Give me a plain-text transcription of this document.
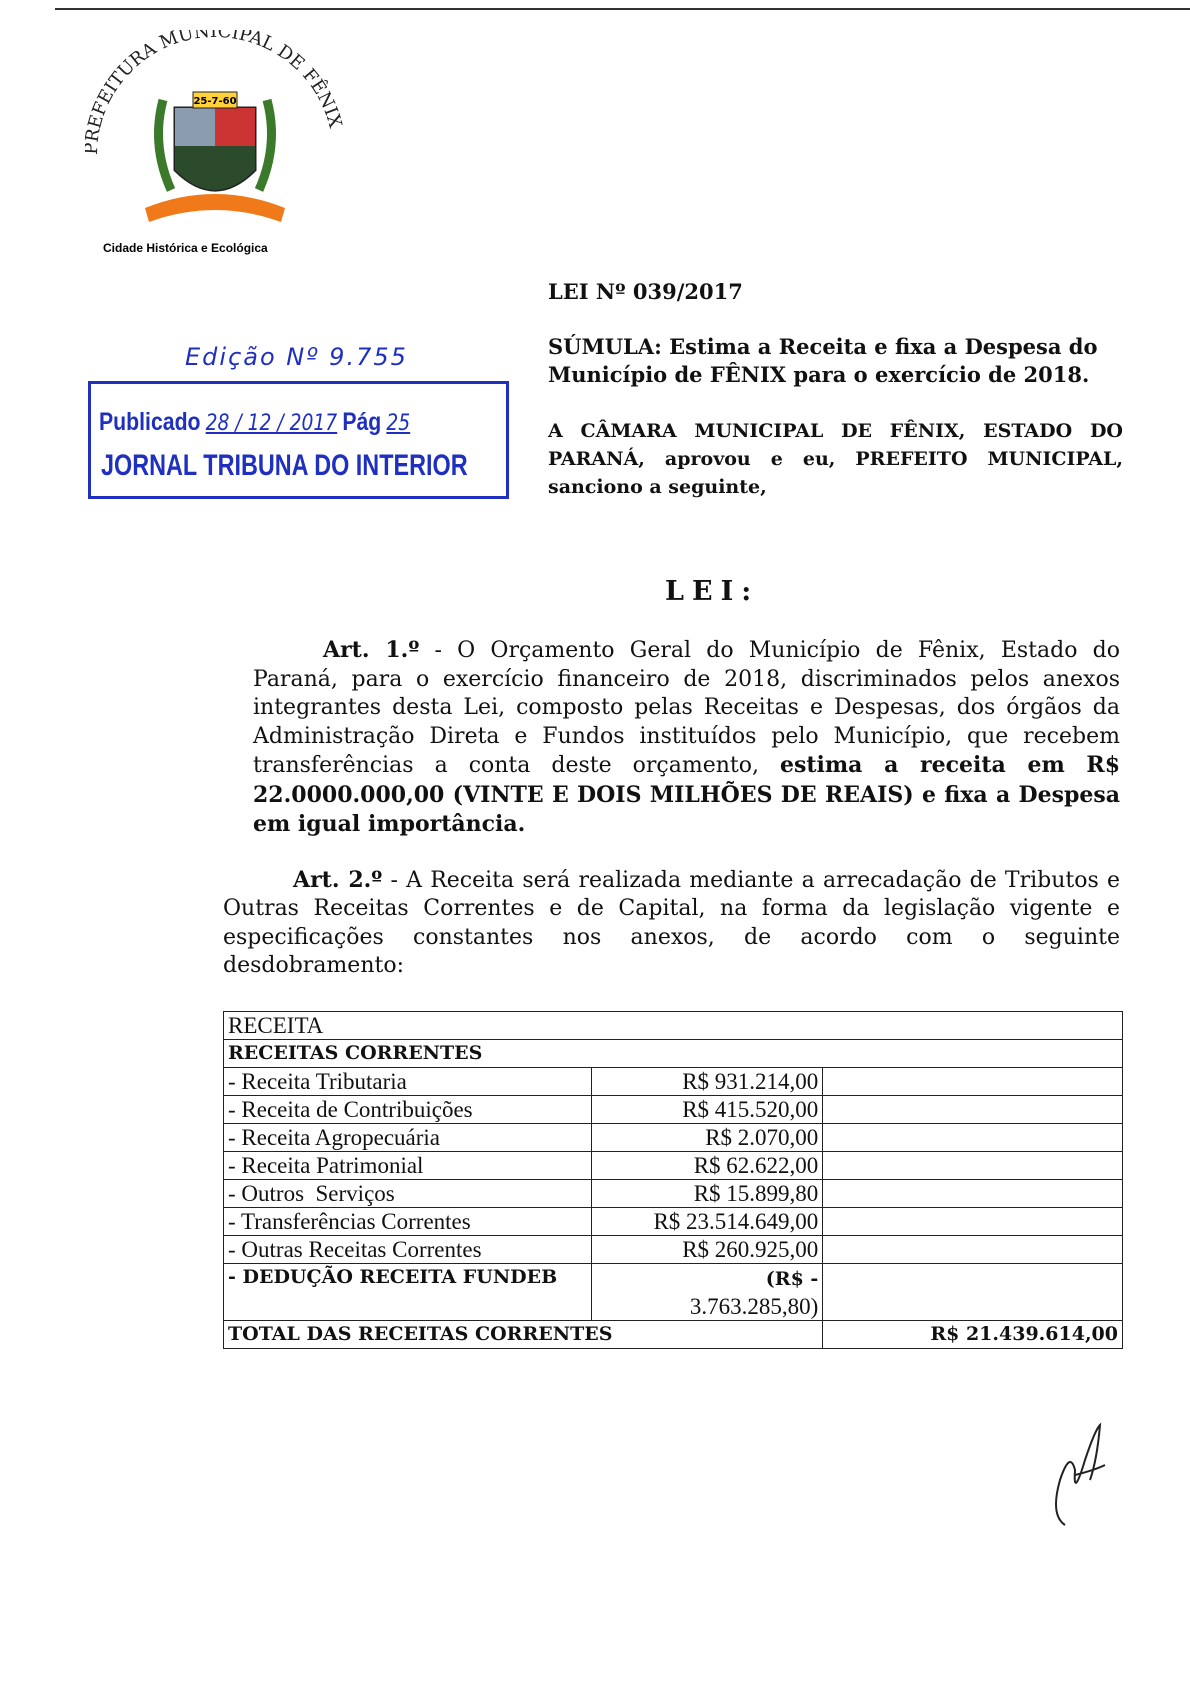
25-7-60
Cidade Histórica e Ecológica
EFEITURA MUNICIPAL DE FÊNIX
Edição Nº 9.755
Publicado 28 / 12 / 2017 Pág 25
JORNAL TRIBUNA DO INTERIOR
LEI Nº 039/2017
SÚMULA: Estima a Receita e fixa a Despesa do Município de FÊNIX para o exercício de 2018.
A CÂMARA MUNICIPAL DE FÊNIX, ESTADO DO PARANÁ, aprovou e eu, PREFEITO MUNICIPAL, sanciono a seguinte,
LEI:
Art. 1.º - O Orçamento Geral do Município de Fênix, Estado do Paraná, para o exercício financeiro de 2018, discriminados pelos anexos integrantes desta Lei, composto pelas Receitas e Despesas, dos órgãos da Administração Direta e Fundos instituídos pelo Município, que recebem transferências a conta deste orçamento, estima a receita em R$ 22.0000.000,00 (VINTE E DOIS MILHÕES DE REAIS) e fixa a Despesa em igual importância.
Art. 2.º - A Receita será realizada mediante a arrecadação de Tributos e Outras Receitas Correntes e de Capital, na forma da legislação vigente e especificações constantes nos anexos, de acordo com o seguinte desdobramento:
RECEITA		
RECEITAS CORRENTES		
- Receita Tributaria	R$ 931.214,00	
- Receita de Contribuições	R$ 415.520,00	
- Receita Agropecuária	R$ 2.070,00	
- Receita Patrimonial	R$ 62.622,00	
- Outros  Serviços	R$ 15.899,80	
- Transferências Correntes	R$ 23.514.649,00	
- Outras Receitas Correntes	R$ 260.925,00	
- DEDUÇÃO RECEITA FUNDEB	(R$ -
3.763.285,80)	
TOTAL DAS RECEITAS CORRENTES		R$ 21.439.614,00
